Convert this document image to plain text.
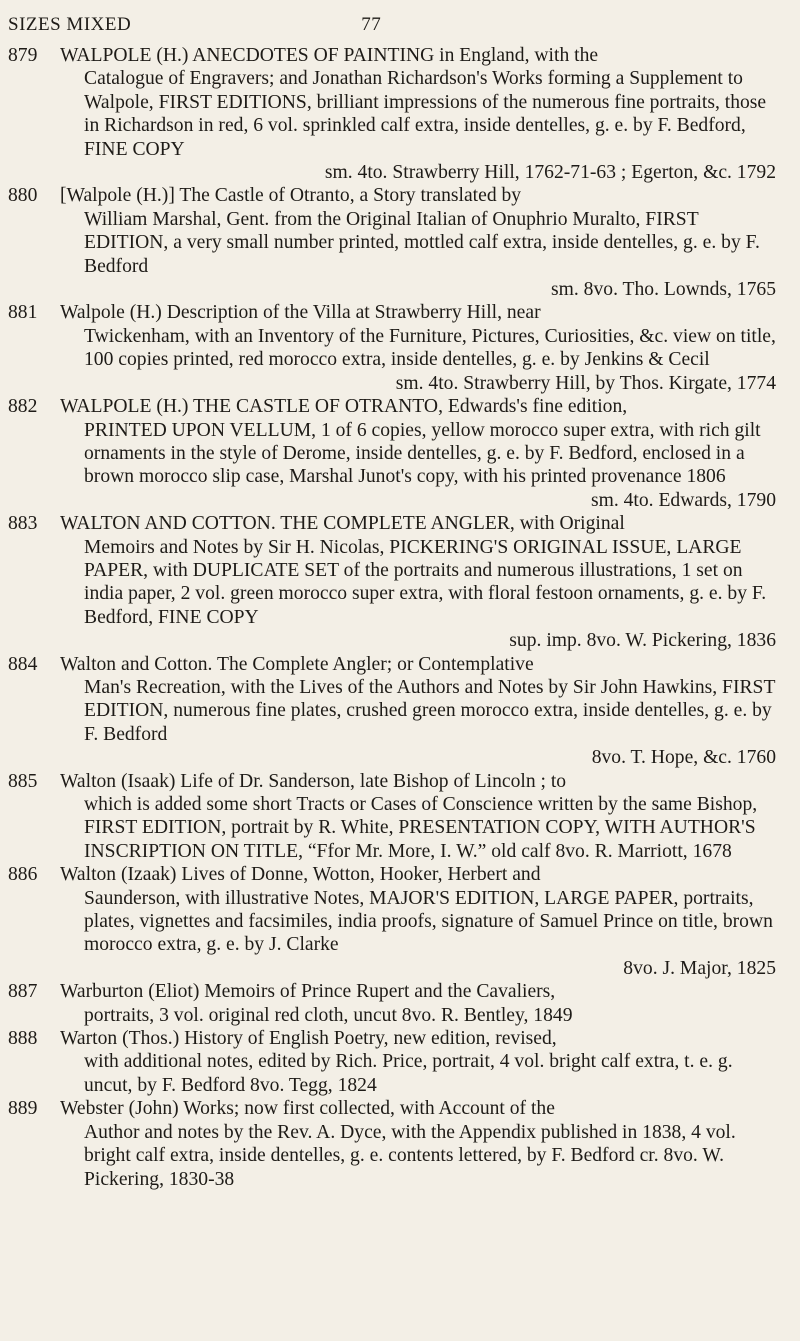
SIZES MIXED	77
879	WALPOLE (H.) ANECDOTES OF PAINTING in England, with the
Catalogue of Engravers; and Jonathan Richardson's Works forming a Supplement to Walpole, FIRST EDITIONS, brilliant impressions of the numerous fine portraits, those in Richardson in red, 6 vol. sprinkled calf extra, inside dentelles, g. e. by F. Bedford, FINE COPY
sm. 4to. Strawberry Hill, 1762-71-63 ; Egerton, &c. 1792
880	[Walpole (H.)] The Castle of Otranto, a Story translated by
William Marshal, Gent. from the Original Italian of Onuphrio Muralto, FIRST EDITION, a very small number printed, mottled calf extra, inside dentelles, g. e. by F. Bedford
sm. 8vo. Tho. Lownds, 1765
881	Walpole (H.) Description of the Villa at Strawberry Hill, near
Twickenham, with an Inventory of the Furniture, Pictures, Curiosities, &c. view on title, 100 copies printed, red morocco extra, inside dentelles, g. e. by Jenkins & Cecil
sm. 4to. Strawberry Hill, by Thos. Kirgate, 1774
882	WALPOLE (H.) THE CASTLE OF OTRANTO, Edwards's fine edition,
PRINTED UPON VELLUM, 1 of 6 copies, yellow morocco super extra, with rich gilt ornaments in the style of Derome, inside dentelles, g. e. by F. Bedford, enclosed in a brown morocco slip case, Marshal Junot's copy, with his printed provenance 1806
sm. 4to. Edwards, 1790
883	WALTON AND COTTON. THE COMPLETE ANGLER, with Original
Memoirs and Notes by Sir H. Nicolas, PICKERING'S ORIGINAL ISSUE, LARGE PAPER, with DUPLICATE SET of the portraits and numerous illustrations, 1 set on india paper, 2 vol. green morocco super extra, with floral festoon ornaments, g. e. by F. Bedford, FINE COPY
sup. imp. 8vo. W. Pickering, 1836
884	Walton and Cotton. The Complete Angler; or Contemplative
Man's Recreation, with the Lives of the Authors and Notes by Sir John Hawkins, FIRST EDITION, numerous fine plates, crushed green morocco extra, inside dentelles, g. e. by F. Bedford
8vo. T. Hope, &c. 1760
885	Walton (Isaak) Life of Dr. Sanderson, late Bishop of Lincoln ; to
which is added some short Tracts or Cases of Conscience written by the same Bishop, FIRST EDITION, portrait by R. White, PRESENTATION COPY, WITH AUTHOR'S INSCRIPTION ON TITLE, “Ffor Mr. More, I. W.” old calf 8vo. R. Marriott, 1678
886	Walton (Izaak) Lives of Donne, Wotton, Hooker, Herbert and
Saunderson, with illustrative Notes, MAJOR'S EDITION, LARGE PAPER, portraits, plates, vignettes and facsimiles, india proofs, signature of Samuel Prince on title, brown morocco extra, g. e. by J. Clarke
8vo. J. Major, 1825
887	Warburton (Eliot) Memoirs of Prince Rupert and the Cavaliers,
portraits, 3 vol. original red cloth, uncut 8vo. R. Bentley, 1849
888	Warton (Thos.) History of English Poetry, new edition, revised,
with additional notes, edited by Rich. Price, portrait, 4 vol. bright calf extra, t. e. g. uncut, by F. Bedford 8vo. Tegg, 1824
889	Webster (John) Works; now first collected, with Account of the
Author and notes by the Rev. A. Dyce, with the Appendix published in 1838, 4 vol. bright calf extra, inside dentelles, g. e. contents lettered, by F. Bedford cr. 8vo. W. Pickering, 1830-38
